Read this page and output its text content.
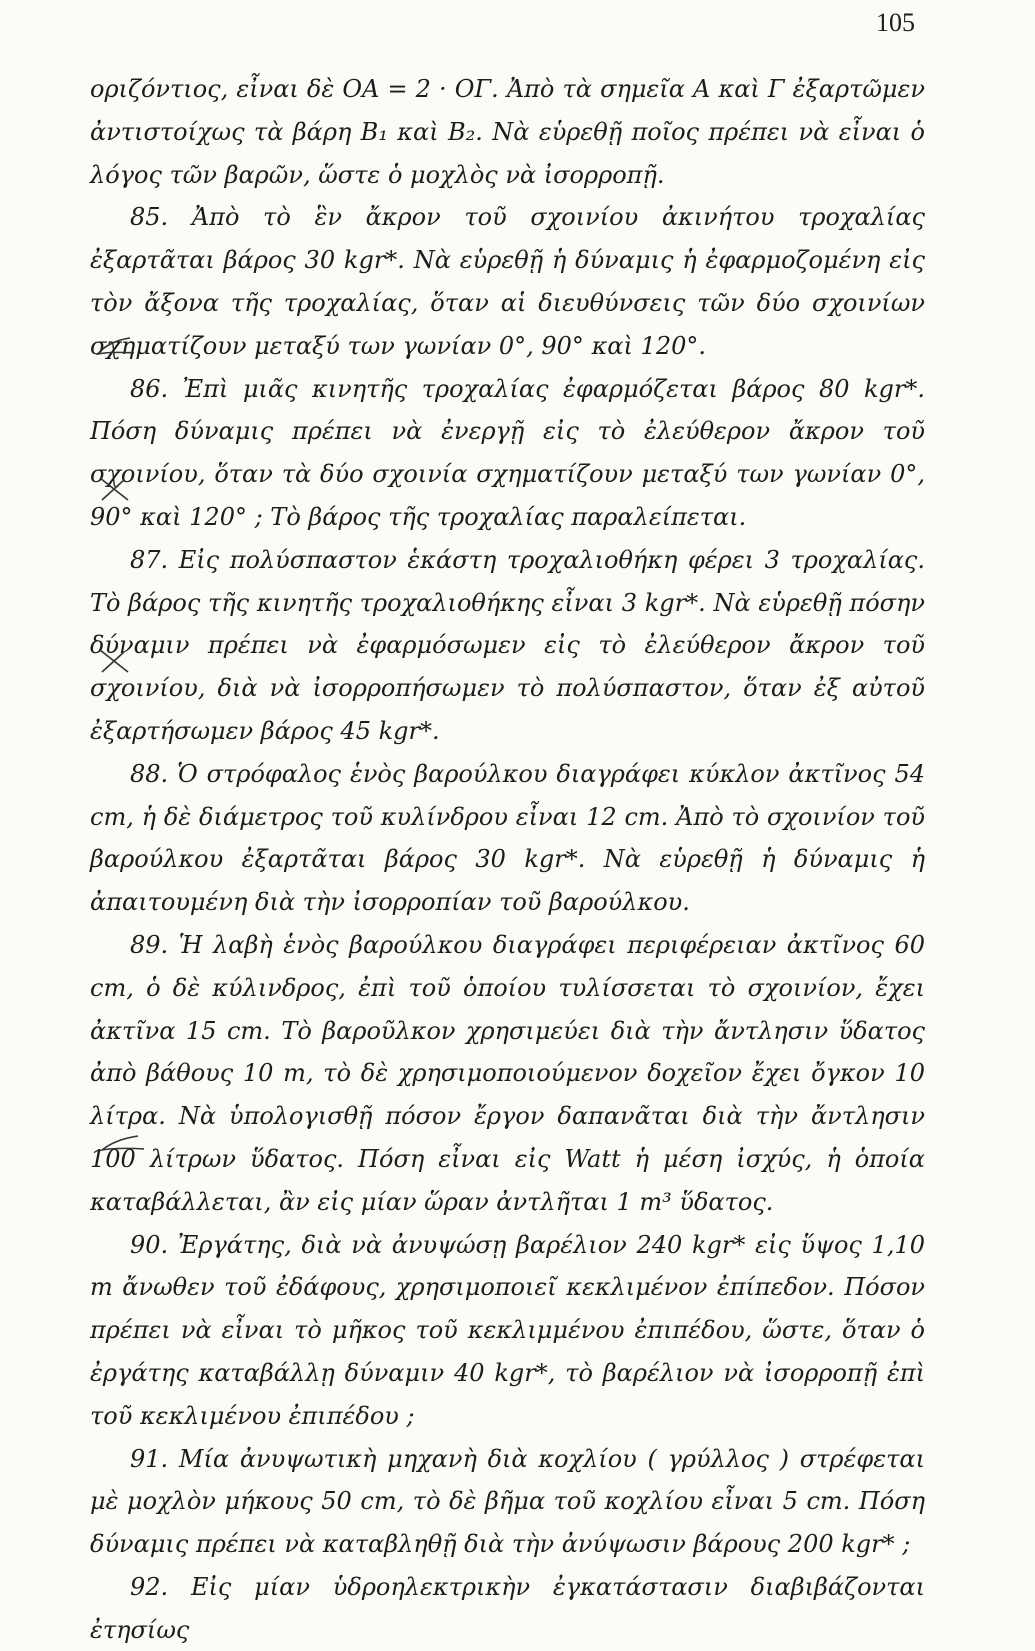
105

οριζόντιος, εἶναι δὲ ΟΑ = 2 · ΟΓ. Ἀπὸ τὰ σημεῖα Α καὶ Γ ἐξαρτῶμεν ἀντιστοίχως τὰ βάρη B₁ καὶ B₂. Νὰ εὑρεθῇ ποῖος πρέπει νὰ εἶναι ὁ λόγος τῶν βαρῶν, ὥστε ὁ μοχλὸς νὰ ἰσορροπῇ.

85. Ἀπὸ τὸ ἓν ἄκρον τοῦ σχοινίου ἀκινήτου τροχαλίας ἐξαρτᾶται βάρος 30 kgr*. Νὰ εὑρεθῇ ἡ δύναμις ἡ ἐφαρμοζομένη εἰς τὸν ἄξονα τῆς τροχαλίας, ὅταν αἱ διευθύνσεις τῶν δύο σχοινίων σχηματίζουν μεταξύ των γωνίαν 0°, 90° καὶ 120°.

86. Ἐπὶ μιᾶς κινητῆς τροχαλίας ἐφαρμόζεται βάρος 80 kgr*. Πόση δύναμις πρέπει νὰ ἐνεργῇ εἰς τὸ ἐλεύθερον ἄκρον τοῦ σχοινίου, ὅταν τὰ δύο σχοινία σχηματίζουν μεταξύ των γωνίαν 0°, 90° καὶ 120° ; Τὸ βάρος τῆς τροχαλίας παραλείπεται.

87. Εἰς πολύσπαστον ἑκάστη τροχαλιοθήκη φέρει 3 τροχαλίας. Τὸ βάρος τῆς κινητῆς τροχαλιοθήκης εἶναι 3 kgr*. Νὰ εὑρεθῇ πόσην δύναμιν πρέπει νὰ ἐφαρμόσωμεν εἰς τὸ ἐλεύθερον ἄκρον τοῦ σχοινίου, διὰ νὰ ἰσορροπήσωμεν τὸ πολύσπαστον, ὅταν ἐξ αὐτοῦ ἐξαρτήσωμεν βάρος 45 kgr*.

88. Ὁ στρόφαλος ἑνὸς βαρούλκου διαγράφει κύκλον ἀκτῖνος 54 cm, ἡ δὲ διάμετρος τοῦ κυλίνδρου εἶναι 12 cm. Ἀπὸ τὸ σχοινίον τοῦ βαρούλκου ἐξαρτᾶται βάρος 30 kgr*. Νὰ εὑρεθῇ ἡ δύναμις ἡ ἀπαιτουμένη διὰ τὴν ἰσορροπίαν τοῦ βαρούλκου.

89. Ἡ λαβὴ ἑνὸς βαρούλκου διαγράφει περιφέρειαν ἀκτῖνος 60 cm, ὁ δὲ κύλινδρος, ἐπὶ τοῦ ὁποίου τυλίσσεται τὸ σχοινίον, ἔχει ἀκτῖνα 15 cm. Τὸ βαροῦλκον χρησιμεύει διὰ τὴν ἄντλησιν ὕδατος ἀπὸ βάθους 10 m, τὸ δὲ χρησιμοποιούμενον δοχεῖον ἔχει ὄγκον 10 λίτρα. Νὰ ὑπολογισθῇ πόσον ἔργον δαπανᾶται διὰ τὴν ἄντλησιν 100 λίτρων ὕδατος. Πόση εἶναι εἰς Watt ἡ μέση ἰσχύς, ἡ ὁποία καταβάλλεται, ἂν εἰς μίαν ὥραν ἀντλῆται 1 m³ ὕδατος.

90. Ἐργάτης, διὰ νὰ ἀνυψώσῃ βαρέλιον 240 kgr* εἰς ὕψος 1,10 m ἄνωθεν τοῦ ἐδάφους, χρησιμοποιεῖ κεκλιμένον ἐπίπεδον. Πόσον πρέπει νὰ εἶναι τὸ μῆκος τοῦ κεκλιμμένου ἐπιπέδου, ὥστε, ὅταν ὁ ἐργάτης καταβάλλῃ δύναμιν 40 kgr*, τὸ βαρέλιον νὰ ἰσορροπῇ ἐπὶ τοῦ κεκλιμένου ἐπιπέδου ;

91. Μία ἀνυψωτικὴ μηχανὴ διὰ κοχλίου ( γρύλλος ) στρέφεται μὲ μοχλὸν μήκους 50 cm, τὸ δὲ βῆμα τοῦ κοχλίου εἶναι 5 cm. Πόση δύναμις πρέπει νὰ καταβληθῇ διὰ τὴν ἀνύψωσιν βάρους 200 kgr* ;

92. Εἰς μίαν ὑδροηλεκτρικὴν ἐγκατάστασιν διαβιβάζονται ἐτησίως
